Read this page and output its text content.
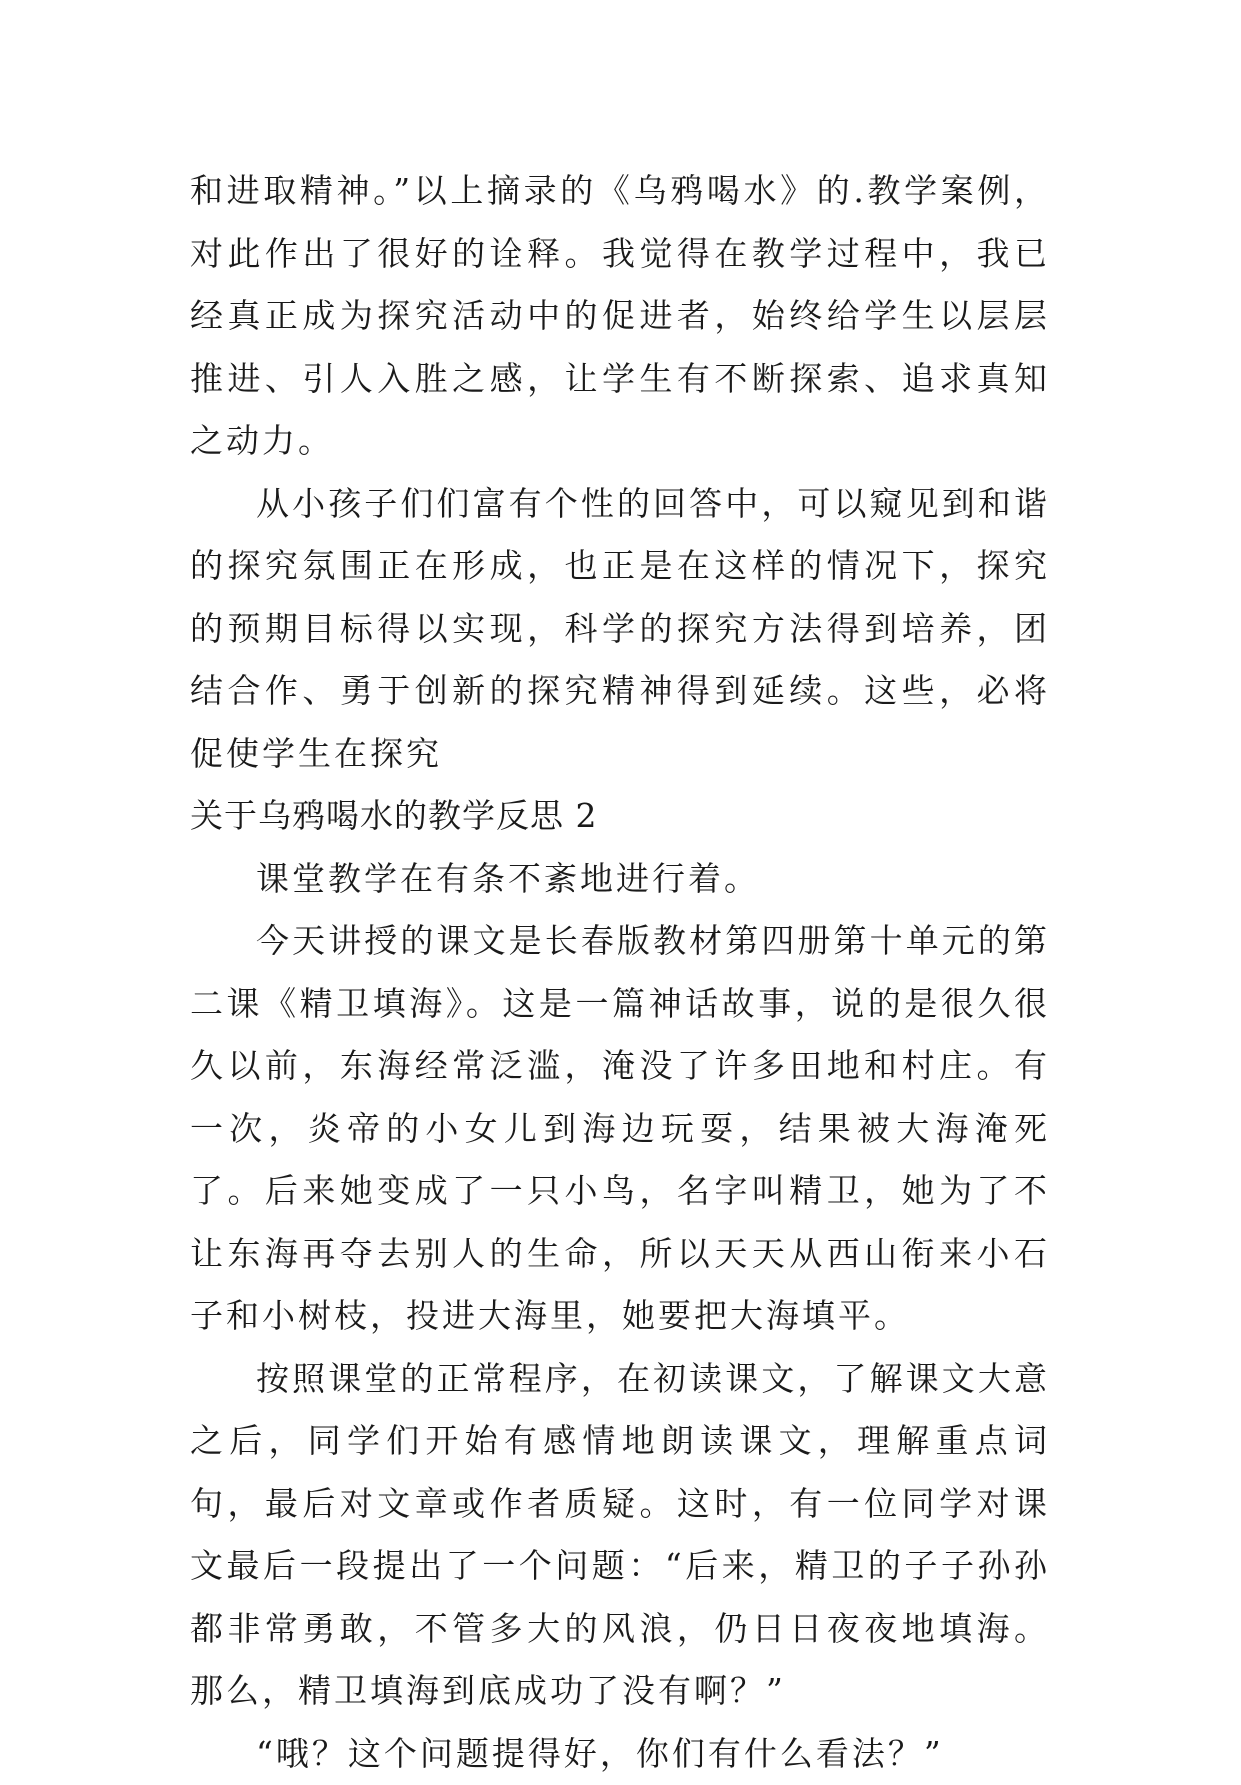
和进取精神。”以上摘录的《乌鸦喝水》的.教学案例，对此作出了很好的诠释。我觉得在教学过程中，我已经真正成为探究活动中的促进者，始终给学生以层层推进、引人入胜之感，让学生有不断探索、追求真知之动力。

从小孩子们们富有个性的回答中，可以窥见到和谐的探究氛围正在形成，也正是在这样的情况下，探究的预期目标得以实现，科学的探究方法得到培养，团结合作、勇于创新的探究精神得到延续。这些，必将促使学生在探究

关于乌鸦喝水的教学反思 2

课堂教学在有条不紊地进行着。

今天讲授的课文是长春版教材第四册第十单元的第二课《精卫填海》。这是一篇神话故事，说的是很久很久以前，东海经常泛滥，淹没了许多田地和村庄。有一次，炎帝的小女儿到海边玩耍，结果被大海淹死了。后来她变成了一只小鸟，名字叫精卫，她为了不让东海再夺去别人的生命，所以天天从西山衔来小石子和小树枝，投进大海里，她要把大海填平。

按照课堂的正常程序，在初读课文，了解课文大意之后，同学们开始有感情地朗读课文，理解重点词句，最后对文章或作者质疑。这时，有一位同学对课文最后一段提出了一个问题：“后来，精卫的子子孙孙都非常勇敢，不管多大的风浪，仍日日夜夜地填海。那么，精卫填海到底成功了没有啊？”

“哦？这个问题提得好，你们有什么看法？”
